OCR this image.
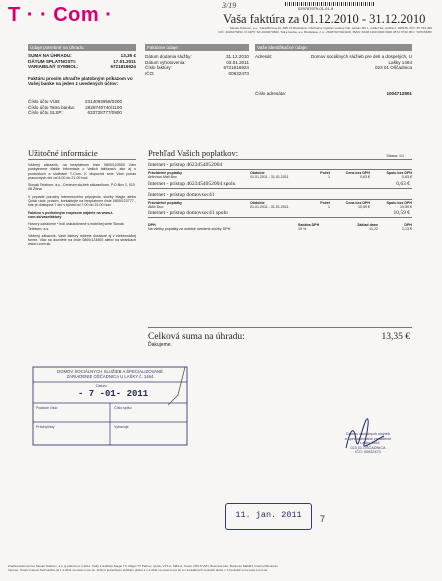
T · · Com ·	3/19	029787979-01-01-9
Vaša faktúra za 01.12.2010 - 31.12.2010
Slovak Telekom, a.s., Karadžičova 10, 825 13 Bratislava, Obchodný register vedený Okr. súdom BA I., oddiel Sa, vložka č. 2081/B, IČO: 35 763 469
DIČ: 2020273893, IČ DPH: SK 2020273893, Tatra banka, a.s. Bratislava, č.ú.: 2628740740/1100, IBAN: SK28 1100 0000 0026 2874 0740, BIC: TATRSKBX
Údaje potrebné na úhradu:
SUMA NA ÚHRADU:	13,35 €
DÁTUM SPLATNOSTI:	17.01.2011
VARIABILNÝ SYMBOL:	6721816924
Faktúru prosím uhraďte platobným príkazom vo Vašej banke na jeden z uvedených účtov:
Číslo účtu VÚB:	2314093958/0200
Číslo účtu Tatra banka: 2628740740/1100
Číslo účtu SLSP:	633728777/0900
Faktúrne údaje:
Dátum dodania služby:	31.12.2010
Dátum vyhotovenia:	03.01.2011
Číslo faktúry:	6721816924
IČO:	00632473
Vaše identifikačné údaje:
Adresát:	Domov sociálnych služieb pre deti a dospelých, U
Lašky 1464
023 01 Oščadnica
Číslo adresáta:	1004712801
Užitočné informácie
Vážený zákazník, na bezplatnom čísle 0800/123500 Vám poskytneme ďalšie informácie o Vašich faktúrach, ako aj o produktoch a službách T-Com. K dispozícii sme Vám počas pracovných dní od 8.00 do 21.00 hod.
Slovak Telekom, a.s., Centrum služieb zákazníkom, P.O.Box 1, 010 08 Žilina
V prípade poruchy internetového pripojenia, služby Magio alebo Quick rádz, prosím, kontaktujte na bezplatnom čísle 0800/123777 , kde je dostupná 7 dní v týždni od 7.00 do 22.00 hod.
Faktúru s podrobným rozpisom nájdete na www.t-com.sk/vasefaktury
Hovory označené * boli uskutočnené s mobilnej siete Slovak Telekom, a.s.
Vážený zákazník, Vaše faktúry môžete dostávať aj v elektronickej forme. Viac sa dozviete na čísle 0800/123500 alebo na stránkach www.t-com.sk.
Prehľad Vašich poplatkov:	Strana: 1/1
Internet - prístup 4623454052004
Pravidelné poplatky	Obdobie	Počet	Cena bez DPH	Spolu bez DPH
Antivírus Mail Box	01.01.2011 - 31.01.2011	1	0,63 €	0,63 €
Internet - prístup 4623454052004 spolu	0,63 €
Internet - prístup domovsoc41
Pravidelné poplatky	Obdobie	Počet	Cena bez DPH	Spolu bez DPH
Aktiv Duo	01.01.2011 - 31.01.2011	1	10,59 €	10,59 €
Internet - prístup domovsoc41 spolu	10,59 €
DPH	Sadzba DPH	Základ dane	DPH
Na všetky poplatky za ostatné uvedené služby DPH	19 %	11,22	2,13 €
Celková suma na úhradu:	13,35 €
Ďakujeme.
DOMOV SOCIÁLNYCH SLUŽIEB A ŠPECIALIZOVANÉ
ZARIADENIE OŠČADNICA U LAŠKY č. 1464
Dátum
- 7 -01- 2011
Podacie číslo	Číslo spisu
Prílohy/listy	Vybavuje
Domov sociálnych služieb
a špecializované zariadenie
U Lašky 1464
023 01 OŠČADNICA
IČO: 00632473
11. jan. 2011	7
Značka dokumentov Slovak Telekom, a.s. je platná k 1.1.2011. Tarify k službám Magio TV, Magio TV Partner, Quick, VTS A, SMS-A, Smart, MPLS VPN, Business Net, Business DiaNET, Internet Business
Internet, Smart Linkové Tarif služba od 1.1.2011 na www.t-com.sk. Tarify k jednotlivým službám platné k 1.1.2011 na www.t-com.sk a v kontaktných centrách alebo v T-Centrách a na www.t-com.sk.
